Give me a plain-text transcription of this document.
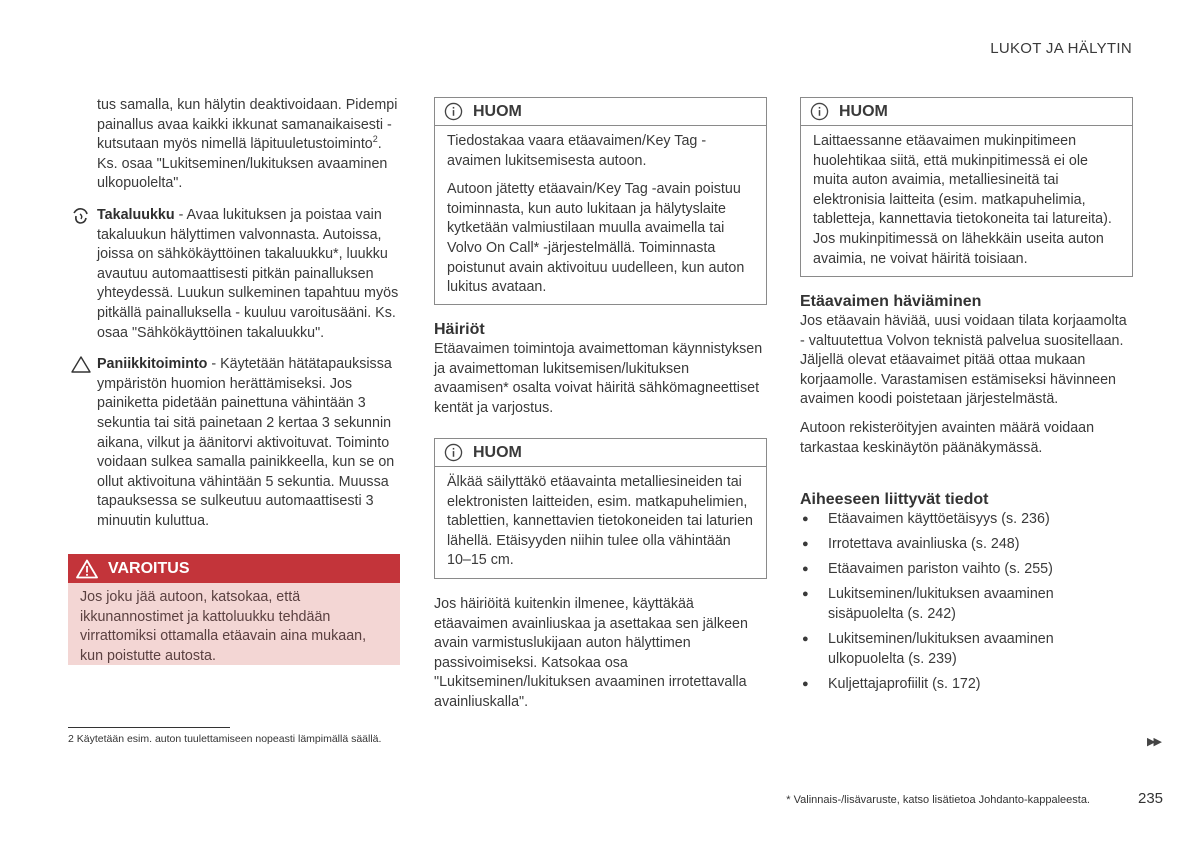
LUKOT JA HÄLYTIN

tus samalla, kun hälytin deaktivoidaan. Pidempi painallus avaa kaikki ikkunat samanaikaisesti - kutsutaan myös nimellä läpituuletustoiminto$^2$. Ks. osaa "Lukitseminen/lukituksen avaaminen ulkopuolelta".

Takaluukku - Avaa lukituksen ja poistaa vain takaluukun hälyttimen valvonnasta. Autoissa, joissa on sähkökäyttöinen takaluukku*, luukku avautuu automaattisesti pitkän painalluksen yhteydessä. Luukun sulkeminen tapahtuu myös pitkällä painalluksella - kuuluu varoitusääni. Ks. osaa "Sähkökäyttöinen takaluukku".

Paniikkitoiminto - Käytetään hätätapauksissa ympäristön huomion herättämiseksi. Jos painiketta pidetään painettuna vähintään 3 sekuntia tai sitä painetaan 2 kertaa 3 sekunnin aikana, vilkut ja äänitorvi aktivoituvat. Toiminto voidaan sulkea samalla painikkeella, kun se on ollut aktivoituna vähintään 5 sekuntia. Muussa tapauksessa se sulkeutuu automaattisesti 3 minuutin kuluttua.

VAROITUS
Jos joku jää autoon, katsokaa, että ikkunannostimet ja kattoluukku tehdään virrattomiksi ottamalla etäavain aina mukaan, kun poistutte autosta.
HUOM

Tiedostakaa vaara etäavaimen/Key Tag -avaimen lukitsemisesta autoon.

Autoon jätetty etäavain/Key Tag -avain poistuu toiminnasta, kun auto lukitaan ja hälytyslaite kytketään valmiustilaan muulla avaimella tai Volvo On Call* -järjestelmällä. Toiminnasta poistunut avain aktivoituu uudelleen, kun auton lukitus avataan.

Häiriöt

Etäavaimen toimintoja avaimettoman käynnistyksen ja avaimettoman lukitsemisen/lukituksen avaamisen* osalta voivat häiritä sähkömagneettiset kentät ja varjostus.

HUOM

Älkää säilyttäkö etäavainta metalliesineiden tai elektronisten laitteiden, esim. matkapuhelimien, tablettien, kannettavien tietokoneiden tai laturien lähellä. Etäisyyden niihin tulee olla vähintään 10–15 cm.

Jos häiriöitä kuitenkin ilmenee, käyttäkää etäavaimen avainliuskaa ja asettakaa sen jälkeen avain varmistuslukijaan auton hälyttimen passivoimiseksi. Katsokaa osa "Lukitseminen/lukituksen avaaminen irrotettavalla avainliuskalla".

HUOM

Laittaessanne etäavaimen mukinpitimeen huolehtikaa siitä, että mukinpitimessä ei ole muita auton avaimia, metalliesineitä tai elektronisia laitteita (esim. matkapuhelimia, tabletteja, kannettavia tietokoneita tai latureita). Jos mukinpitimessä on lähekkäin useita auton avaimia, ne voivat häiritä toisiaan.

Etäavaimen häviäminen

Jos etäavain häviää, uusi voidaan tilata korjaamolta - valtuutettua Volvon teknistä palvelua suositellaan. Jäljellä olevat etäavaimet pitää ottaa mukaan korjaamolle. Varastamisen estämiseksi hävinneen avaimen koodi poistetaan järjestelmästä.

Autoon rekisteröityjen avainten määrä voidaan tarkastaa keskinäytön päänäkymässä.

Aiheeseen liittyvät tiedot
● Etäavaimen käyttöetäisyys (s. 236)
● Irrotettava avainliuska (s. 248)
● Etäavaimen pariston vaihto (s. 255)
● Lukitseminen/lukituksen avaaminen sisäpuolelta (s. 242)
● Lukitseminen/lukituksen avaaminen ulkopuolelta (s. 239)
● Kuljettajaprofiilit (s. 172)
2 Käytetään esim. auton tuulettamiseen nopeasti lämpimällä säällä.	▶▶
* Valinnais-/lisävaruste, katso lisätietoa Johdanto-kappaleesta.	235
